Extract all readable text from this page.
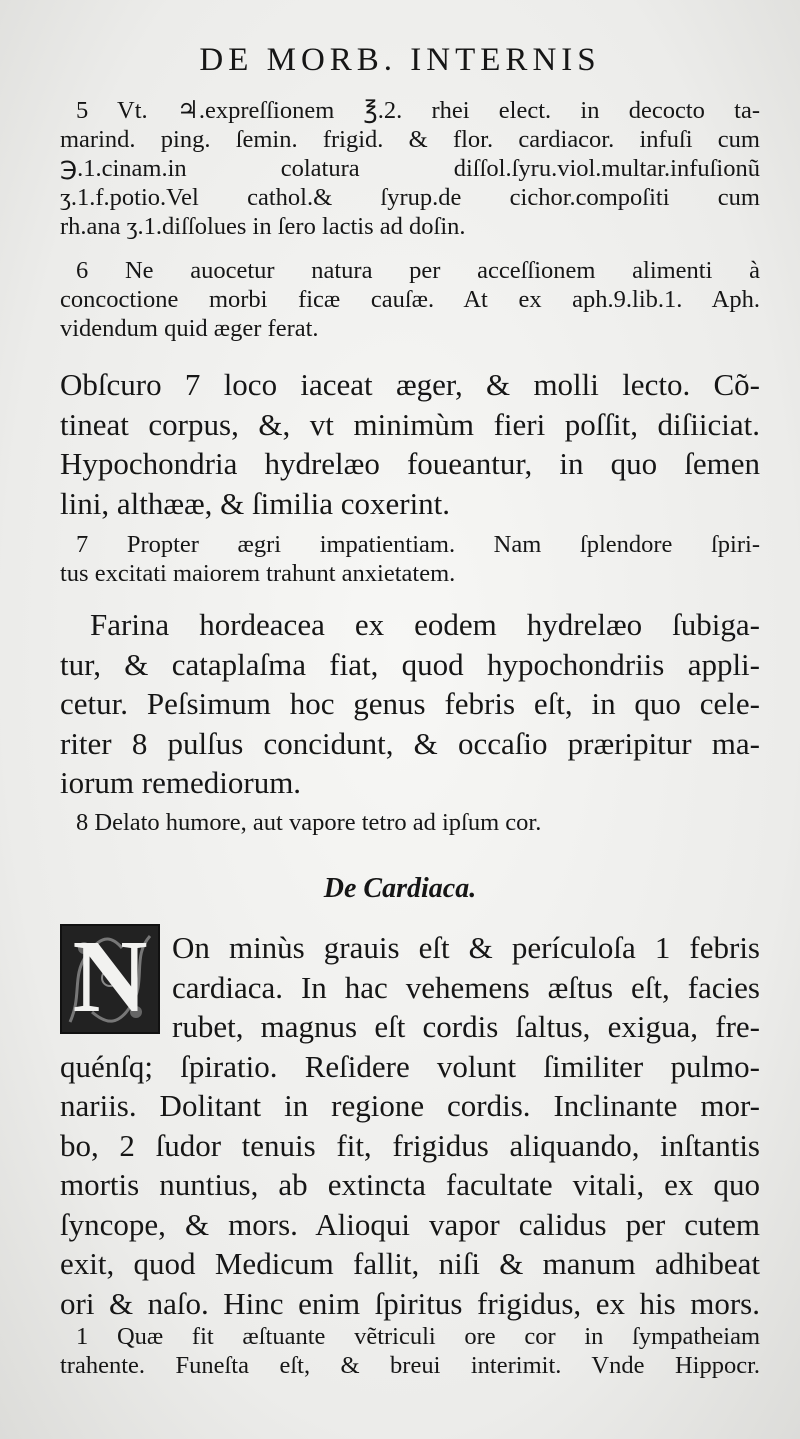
DE MORB. INTERNIS
5 Vt. ♃.expreſſionem ℥.2. rhei elect. in decocto ta-
marind. ping. ſemin. frigid. & flor. cardiacor. infuſi cum
℈.1.cinam.in colatura diſſol.ſyru.viol.multar.infuſionũ
ʒ.1.f.potio.Vel cathol.& ſyrup.de cichor.compoſiti cum
rh.ana ʒ.1.diſſolues in ſero lactis ad doſin.
6 Ne auocetur natura per acceſſionem alimenti à
concoctione morbi ficæ cauſæ. At ex aph.9.lib.1. Aph.
videndum quid æger ferat.
Obſcuro 7 loco iaceat æger, & molli lecto. Cõ-
tineat corpus, &, vt minimùm fieri poſſit, diſiiciat.
Hypochondria hydrelæo foueantur, in quo ſemen
lini, althææ, & ſimilia coxerint.
7 Propter ægri impatientiam. Nam ſplendore ſpiri-
tus excitati maiorem trahunt anxietatem.
Farina hordeacea ex eodem hydrelæo ſubiga-
tur, & cataplaſma fiat, quod hypochondriis appli-
cetur. Peſsimum hoc genus febris eſt, in quo cele-
riter 8 pulſus concidunt, & occaſio præripitur ma-
iorum remediorum.
8 Delato humore, aut vapore tetro ad ipſum cor.
De Cardiaca.
N On minùs grauis eſt & perículoſa 1 febris
cardiaca. In hac vehemens æſtus eſt, facies
rubet, magnus eſt cordis ſaltus, exigua, fre-
quénſq; ſpiratio. Reſidere volunt ſimiliter pulmo-
nariis. Dolitant in regione cordis. Inclinante mor-
bo, 2 ſudor tenuis fit, frigidus aliquando, inſtantis
mortis nuntius, ab extincta facultate vitali, ex quo
ſyncope, & mors. Alioqui vapor calidus per cutem
exit, quod Medicum fallit, niſi & manum adhibeat
ori & naſo. Hinc enim ſpiritus frigidus, ex his mors.
1 Quæ fit æſtuante vẽtriculi ore cor in ſympatheiam
trahente. Funeſta eſt, & breui interimit. Vnde Hippocr.
